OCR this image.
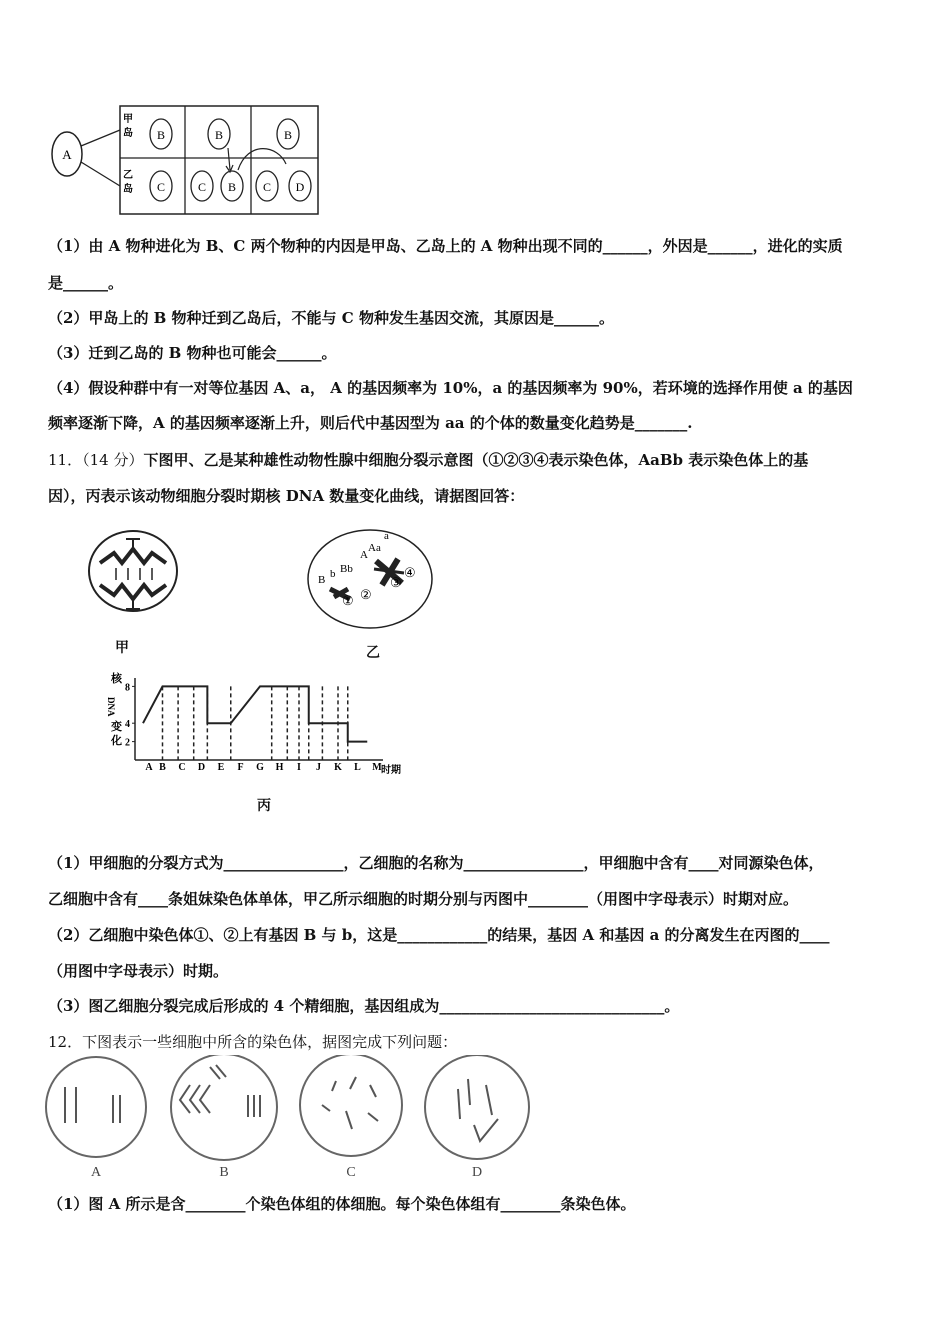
A
甲
岛
乙
岛
B	B	B
C	C B C D
（1）由 A 物种进化为 B、C 两个物种的内因是甲岛、乙岛上的 A 物种出现不同的______，外因是______，进化的实质
是______。
（2）甲岛上的 B 物种迁到乙岛后，不能与 C 物种发生基因交流，其原因是______。
（3）迁到乙岛的 B 物种也可能会______。
（4）假设种群中有一对等位基因 A、a， A 的基因频率为 10%，a 的基因频率为 90%，若环境的选择作用使 a 的基因
频率逐渐下降，A 的基因频率逐渐上升，则后代中基因型为 aa 的个体的数量变化趋势是_______.
11．（14 分）下图甲、乙是某种雄性动物性腺中细胞分裂示意图（①②③④表示染色体，AaBb 表示染色体上的基
因），丙表示该动物细胞分裂时期核 DNA 数量变化曲线，请据图回答：
甲
B b Bb
A
Aa
a
① ②
③
④
乙
核
DNA
变
化 2
4
8
A B C D E F G H I J K L M 时期
丙
（1）甲细胞的分裂方式为________________，乙细胞的名称为________________，甲细胞中含有____对同源染色体，
乙细胞中含有____条姐妹染色体单体，甲乙所示细胞的时期分别与丙图中________（用图中字母表示）时期对应。
（2）乙细胞中染色体①、②上有基因 B 与 b，这是____________的结果，基因 A 和基因 a 的分离发生在丙图的____
（用图中字母表示）时期。
（3）图乙细胞分裂完成后形成的 4 个精细胞，基因组成为______________________________。
12．下图表示一些细胞中所含的染色体，据图完成下列问题：
A	B	C	D
（1）图 A 所示是含________个染色体组的体细胞。每个染色体组有________条染色体。
